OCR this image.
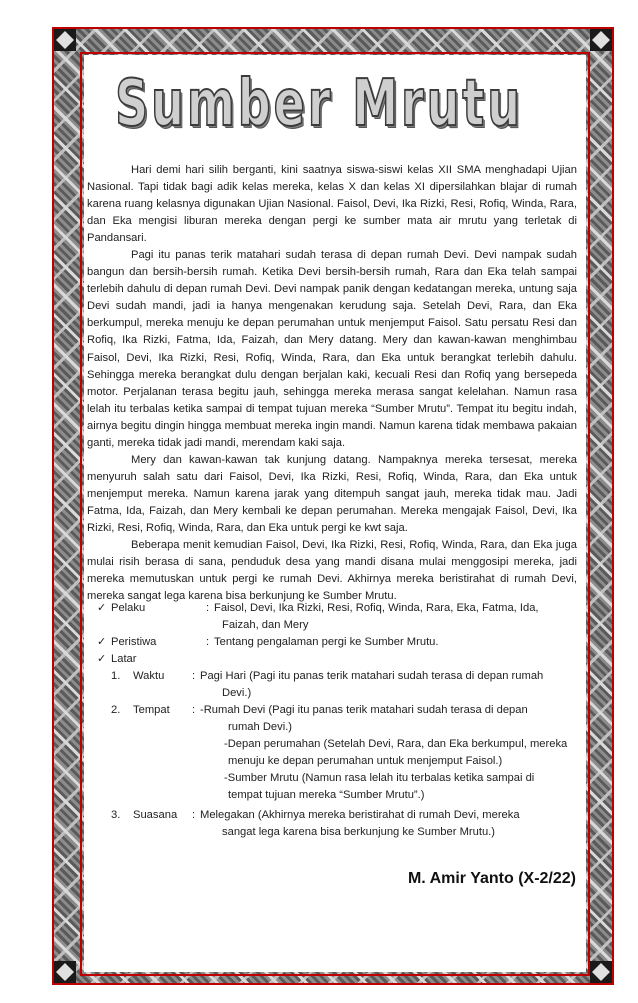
Sumber Mrutu

Hari demi hari silih berganti, kini saatnya siswa-siswi kelas XII SMA menghadapi Ujian Nasional. Tapi tidak bagi adik kelas mereka, kelas X dan kelas XI dipersilahkan blajar di rumah karena ruang kelasnya digunakan Ujian Nasional. Faisol, Devi, Ika Rizki, Resi, Rofiq, Winda, Rara, dan Eka mengisi liburan mereka dengan pergi ke sumber mata air mrutu yang terletak di Pandansari.

Pagi itu panas terik matahari sudah terasa di depan rumah Devi. Devi nampak sudah bangun dan bersih-bersih rumah. Ketika Devi bersih-bersih rumah, Rara dan Eka telah sampai terlebih dahulu di depan rumah Devi. Devi nampak panik dengan kedatangan mereka, untung saja Devi sudah mandi, jadi ia hanya mengenakan kerudung saja. Setelah Devi, Rara, dan Eka berkumpul, mereka menuju ke depan perumahan untuk menjemput Faisol. Satu persatu Resi dan Rofiq, Ika Rizki, Fatma, Ida, Faizah, dan Mery datang. Mery dan kawan-kawan menghimbau Faisol, Devi, Ika Rizki, Resi, Rofiq, Winda, Rara, dan Eka untuk berangkat terlebih dahulu. Sehingga mereka berangkat dulu dengan berjalan kaki, kecuali Resi dan Rofiq yang bersepeda motor. Perjalanan terasa begitu jauh, sehingga mereka merasa sangat kelelahan. Namun rasa lelah itu terbalas ketika sampai di tempat tujuan mereka “Sumber Mrutu”. Tempat itu begitu indah, airnya begitu dingin hingga membuat mereka ingin mandi. Namun karena tidak membawa pakaian ganti, mereka tidak jadi mandi, merendam kaki saja.

Mery dan kawan-kawan tak kunjung datang. Nampaknya mereka tersesat, mereka menyuruh salah satu dari Faisol, Devi, Ika Rizki, Resi, Rofiq, Winda, Rara, dan Eka untuk menjemput mereka. Namun karena jarak yang ditempuh sangat jauh, mereka tidak mau. Jadi Fatma, Ida, Faizah, dan Mery kembali ke depan perumahan. Mereka mengajak Faisol, Devi, Ika Rizki, Resi, Rofiq, Winda, Rara, dan Eka untuk pergi ke kwt saja.

Beberapa menit kemudian Faisol, Devi, Ika Rizki, Resi, Rofiq, Winda, Rara, dan Eka juga mulai risih berasa di sana, penduduk desa yang mandi disana mulai menggosipi mereka, jadi mereka memutuskan untuk pergi ke rumah Devi. Akhirnya mereka beristirahat di rumah Devi, mereka sangat lega karena bisa berkunjung ke Sumber Mrutu.

✓ Pelaku	: Faisol, Devi, Ika Rizki, Resi, Rofiq, Winda, Rara, Eka, Fatma, Ida,
Faizah, dan Mery
✓ Peristiwa	: Tentang pengalaman pergi ke Sumber Mrutu.
✓ Latar
1.	Waktu	: Pagi Hari (Pagi itu panas terik matahari sudah terasa di depan rumah
Devi.)
2.	Tempat	: -Rumah Devi (Pagi itu panas terik matahari sudah terasa di depan
rumah Devi.)
-Depan perumahan (Setelah Devi, Rara, dan Eka berkumpul, mereka
menuju ke depan perumahan untuk menjemput Faisol.)
-Sumber Mrutu (Namun rasa lelah itu terbalas ketika sampai di
tempat tujuan mereka “Sumber Mrutu”.)
3.	Suasana	: Melegakan (Akhirnya mereka beristirahat di rumah Devi, mereka
sangat lega karena bisa berkunjung ke Sumber Mrutu.)
M. Amir Yanto (X-2/22)
